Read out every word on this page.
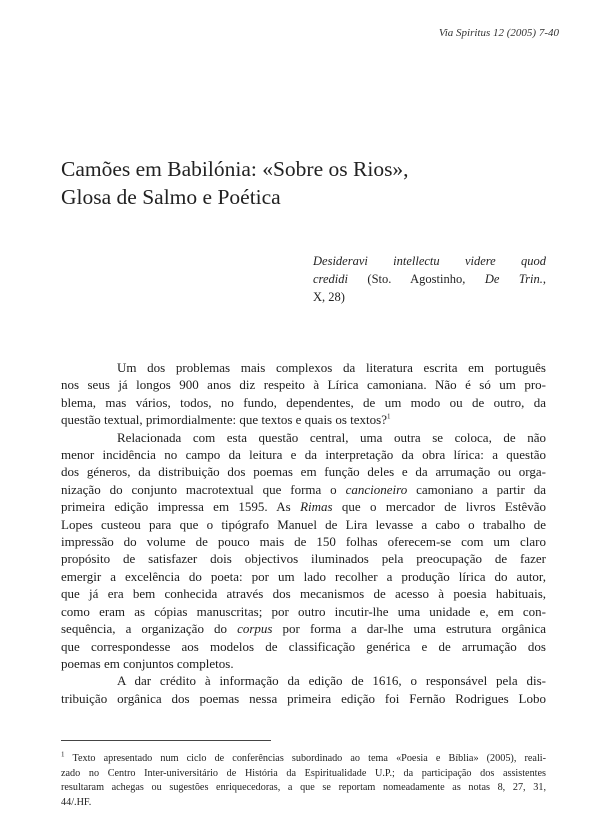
Via Spiritus 12 (2005) 7-40
Camões em Babilónia: «Sobre os Rios»,
Glosa de Salmo e Poética
Desideravi intellectu videre quod
credidi (Sto. Agostinho, De Trin.,
X, 28)
Um dos problemas mais complexos da literatura escrita em português
nos seus já longos 900 anos diz respeito à Lírica camoniana. Não é só um pro-
blema, mas vários, todos, no fundo, dependentes, de um modo ou de outro, da
questão textual, primordialmente: que textos e quais os textos?$^1$
Relacionada com esta questão central, uma outra se coloca, de não
menor incidência no campo da leitura e da interpretação da obra lírica: a questão
dos géneros, da distribuição dos poemas em função deles e da arrumação ou orga-
nização do conjunto macrotextual que forma o cancioneiro camoniano a partir da
primeira edição impressa em 1595. As Rimas que o mercador de livros Estêvão
Lopes custeou para que o tipógrafo Manuel de Lira levasse a cabo o trabalho de
impressão do volume de pouco mais de 150 folhas oferecem-se com um claro
propósito de satisfazer dois objectivos iluminados pela preocupação de fazer
emergir a excelência do poeta: por um lado recolher a produção lírica do autor,
que já era bem conhecida através dos mecanismos de acesso à poesia habituais,
como eram as cópias manuscritas; por outro incutir-lhe uma unidade e, em con-
sequência, a organização do corpus por forma a dar-lhe uma estrutura orgânica
que correspondesse aos modelos de classificação genérica e de arrumação dos
poemas em conjuntos completos.
A dar crédito à informação da edição de 1616, o responsável pela dis-
tribuição orgânica dos poemas nessa primeira edição foi Fernão Rodrigues Lobo
$^1$ Texto apresentado num ciclo de conferências subordinado ao tema «Poesia e Bíblia» (2005), reali-
zado no Centro Inter-universitário de História da Espiritualidade U.P.; da participação dos assistentes
resultaram achegas ou sugestões enriquecedoras, a que se reportam nomeadamente as notas 8, 27, 31,
44/.HF.
